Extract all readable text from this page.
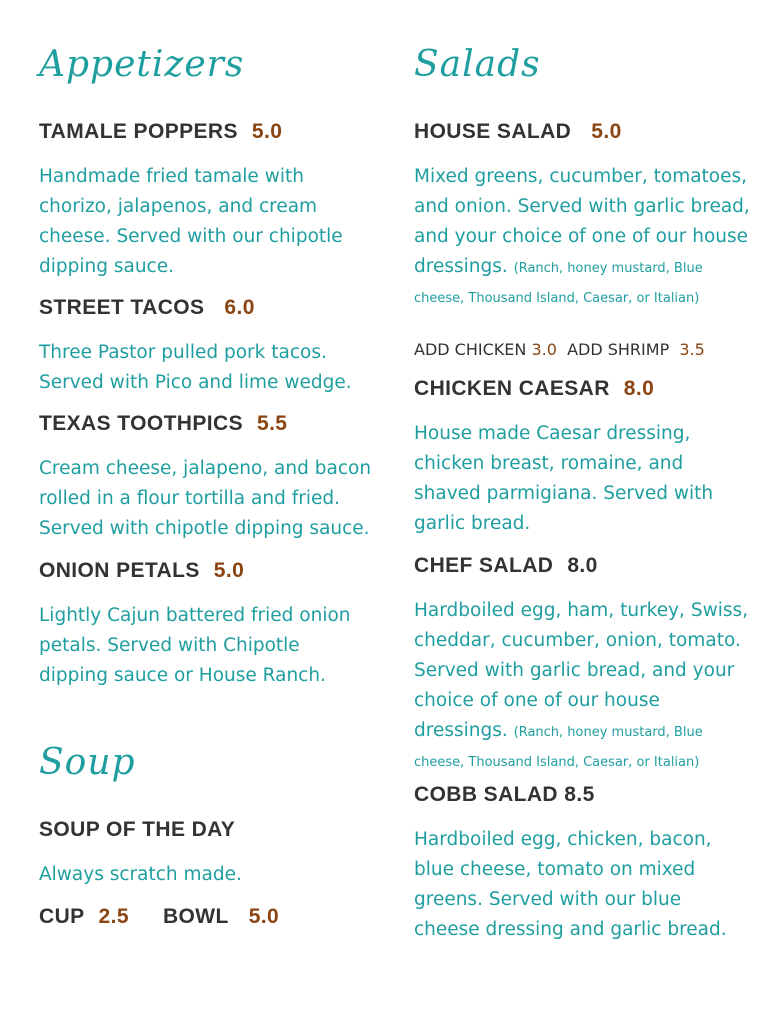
Appetizers
TAMALE POPPERS 5.0

Handmade fried tamale with chorizo, jalapenos, and cream cheese. Served with our chipotle dipping sauce.

STREET TACOS 6.0

Three Pastor pulled pork tacos. Served with Pico and lime wedge.

TEXAS TOOTHPICS 5.5

Cream cheese, jalapeno, and bacon rolled in a flour tortilla and fried. Served with chipotle dipping sauce.

ONION PETALS 5.0

Lightly Cajun battered fried onion petals. Served with Chipotle dipping sauce or House Ranch.

Soup
SOUP OF THE DAY

Always scratch made.

CUP 2.5 BOWL 5.0
Salads
HOUSE SALAD 5.0

Mixed greens, cucumber, tomatoes, and onion. Served with garlic bread, and your choice of one of our house dressings. (Ranch, honey mustard, Blue cheese, Thousand Island, Caesar, or Italian)

ADD CHICKEN 3.0 ADD SHRIMP 3.5
CHICKEN CAESAR 8.0

House made Caesar dressing, chicken breast, romaine, and shaved parmigiana. Served with garlic bread.

CHEF SALAD 8.0

Hardboiled egg, ham, turkey, Swiss, cheddar, cucumber, onion, tomato. Served with garlic bread, and your choice of one of our house dressings. (Ranch, honey mustard, Blue cheese, Thousand Island, Caesar, or Italian)

COBB SALAD 8.5

Hardboiled egg, chicken, bacon, blue cheese, tomato on mixed greens. Served with our blue cheese dressing and garlic bread.
